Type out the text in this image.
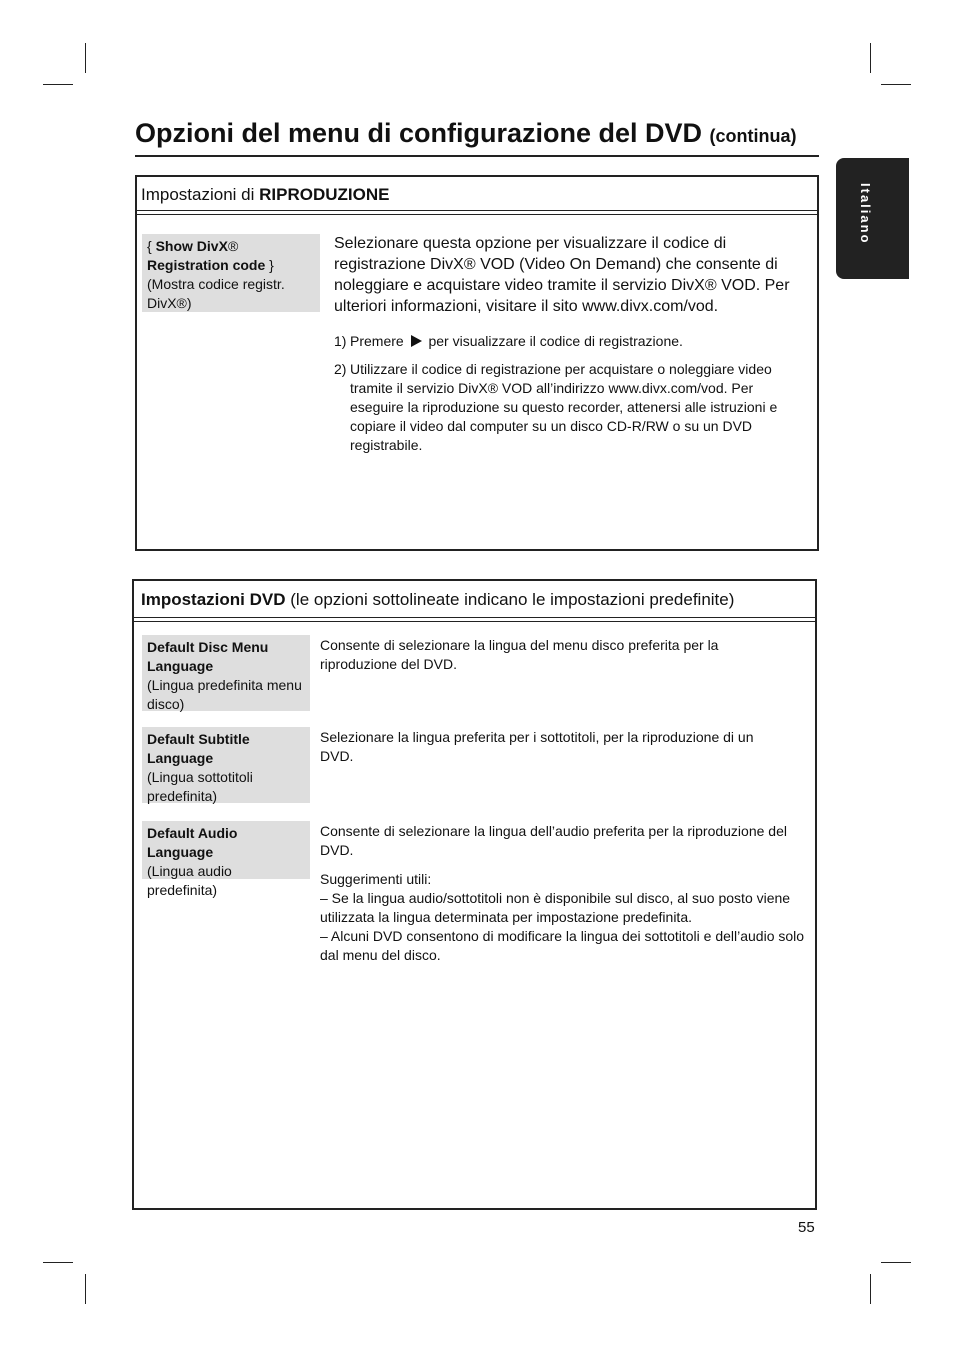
Opzioni del menu di configurazione del DVD (continua)
Italiano
Impostazioni di RIPRODUZIONE
{ Show DivX® Registration code }
(Mostra codice registr. DivX®)
Selezionare questa opzione per visualizzare il codice di registrazione DivX® VOD (Video On Demand) che consente di noleggiare e acquistare video tramite il servizio DivX® VOD. Per ulteriori informazioni, visitare il sito www.divx.com/vod.
1) Premere per visualizzare il codice di registrazione.
2) Utilizzare il codice di registrazione per acquistare o noleggiare video tramite il servizio DivX® VOD all’indirizzo www.divx.com/vod. Per eseguire la riproduzione su questo recorder, attenersi alle istruzioni e copiare il video dal computer su un disco CD-R/RW o su un DVD registrabile.
Impostazioni DVD (le opzioni sottolineate indicano le impostazioni predefinite)
Default Disc Menu Language
(Lingua predefinita menu disco)
Consente di selezionare la lingua del menu disco preferita per la riproduzione del DVD.
Default Subtitle Language
(Lingua sottotitoli predefinita)
Selezionare la lingua preferita per i sottotitoli, per la riproduzione di un DVD.
Default Audio Language
(Lingua audio predefinita)
Consente di selezionare la lingua dell’audio preferita per la riproduzione del DVD.
Suggerimenti utili:
– Se la lingua audio/sottotitoli non è disponibile sul disco, al suo posto viene utilizzata la lingua determinata per impostazione predefinita.
– Alcuni DVD consentono di modificare la lingua dei sottotitoli e dell’audio solo dal menu del disco.
55
